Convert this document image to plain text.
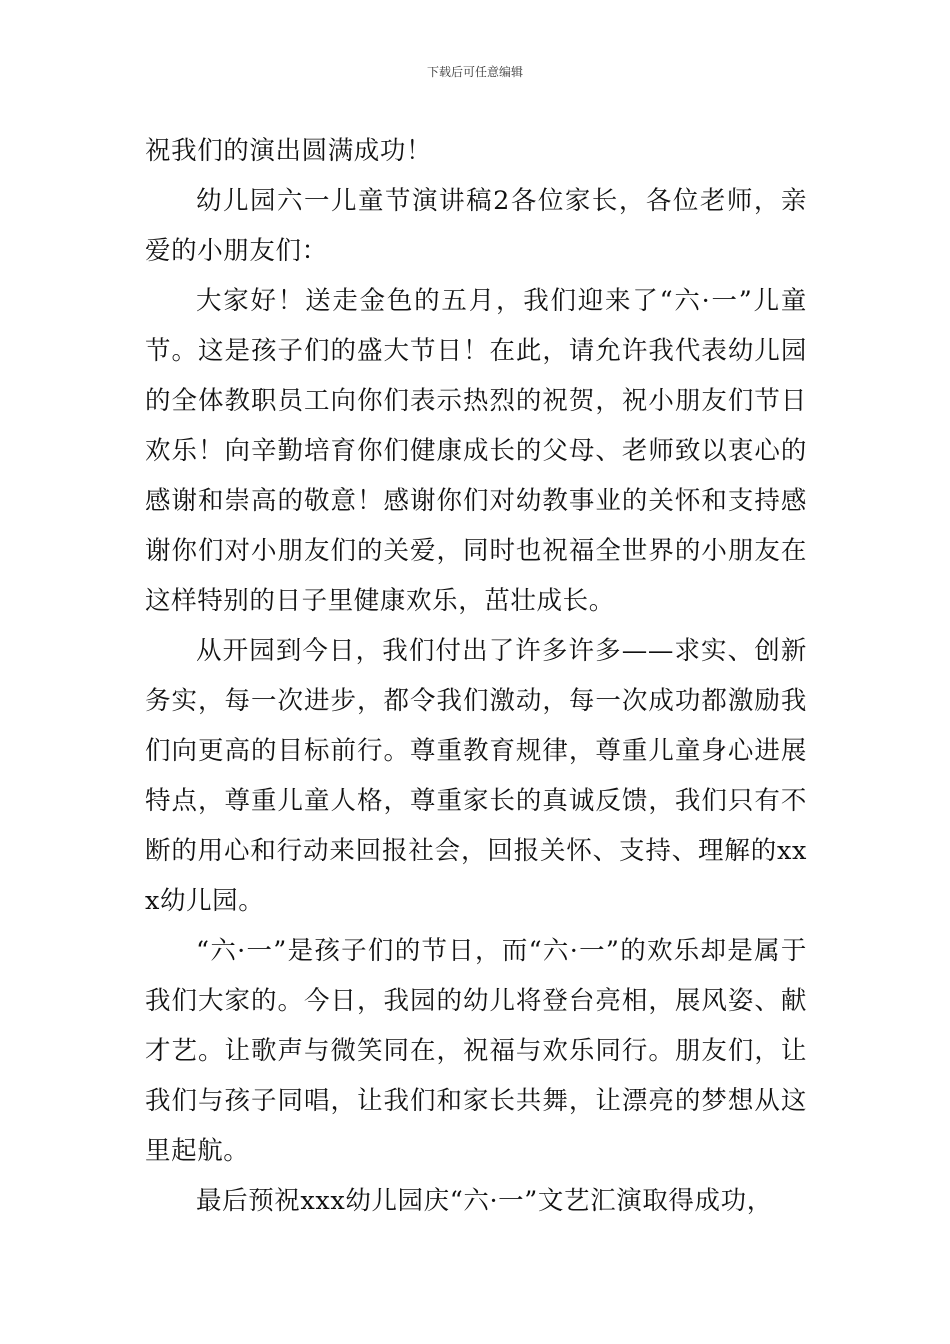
下载后可任意编辑

祝我们的演出圆满成功！

幼儿园六一儿童节演讲稿2各位家长，各位老师，亲爱的小朋友们：

大家好！送走金色的五月，我们迎来了“六·一”儿童节。这是孩子们的盛大节日！在此，请允许我代表幼儿园的全体教职员工向你们表示热烈的祝贺，祝小朋友们节日欢乐！向辛勤培育你们健康成长的父母、老师致以衷心的感谢和崇高的敬意！感谢你们对幼教事业的关怀和支持感谢你们对小朋友们的关爱，同时也祝福全世界的小朋友在这样特别的日子里健康欢乐，茁壮成长。

从开园到今日，我们付出了许多许多——求实、创新务实，每一次进步，都令我们激动，每一次成功都激励我们向更高的目标前行。尊重教育规律，尊重儿童身心进展特点，尊重儿童人格，尊重家长的真诚反馈，我们只有不断的用心和行动来回报社会，回报关怀、支持、理解的xxx幼儿园。

“六·一”是孩子们的节日，而“六·一”的欢乐却是属于我们大家的。今日，我园的幼儿将登台亮相，展风姿、献才艺。让歌声与微笑同在，祝福与欢乐同行。朋友们，让我们与孩子同唱，让我们和家长共舞，让漂亮的梦想从这里起航。

最后预祝xxx幼儿园庆“六·一”文艺汇演取得成功，
